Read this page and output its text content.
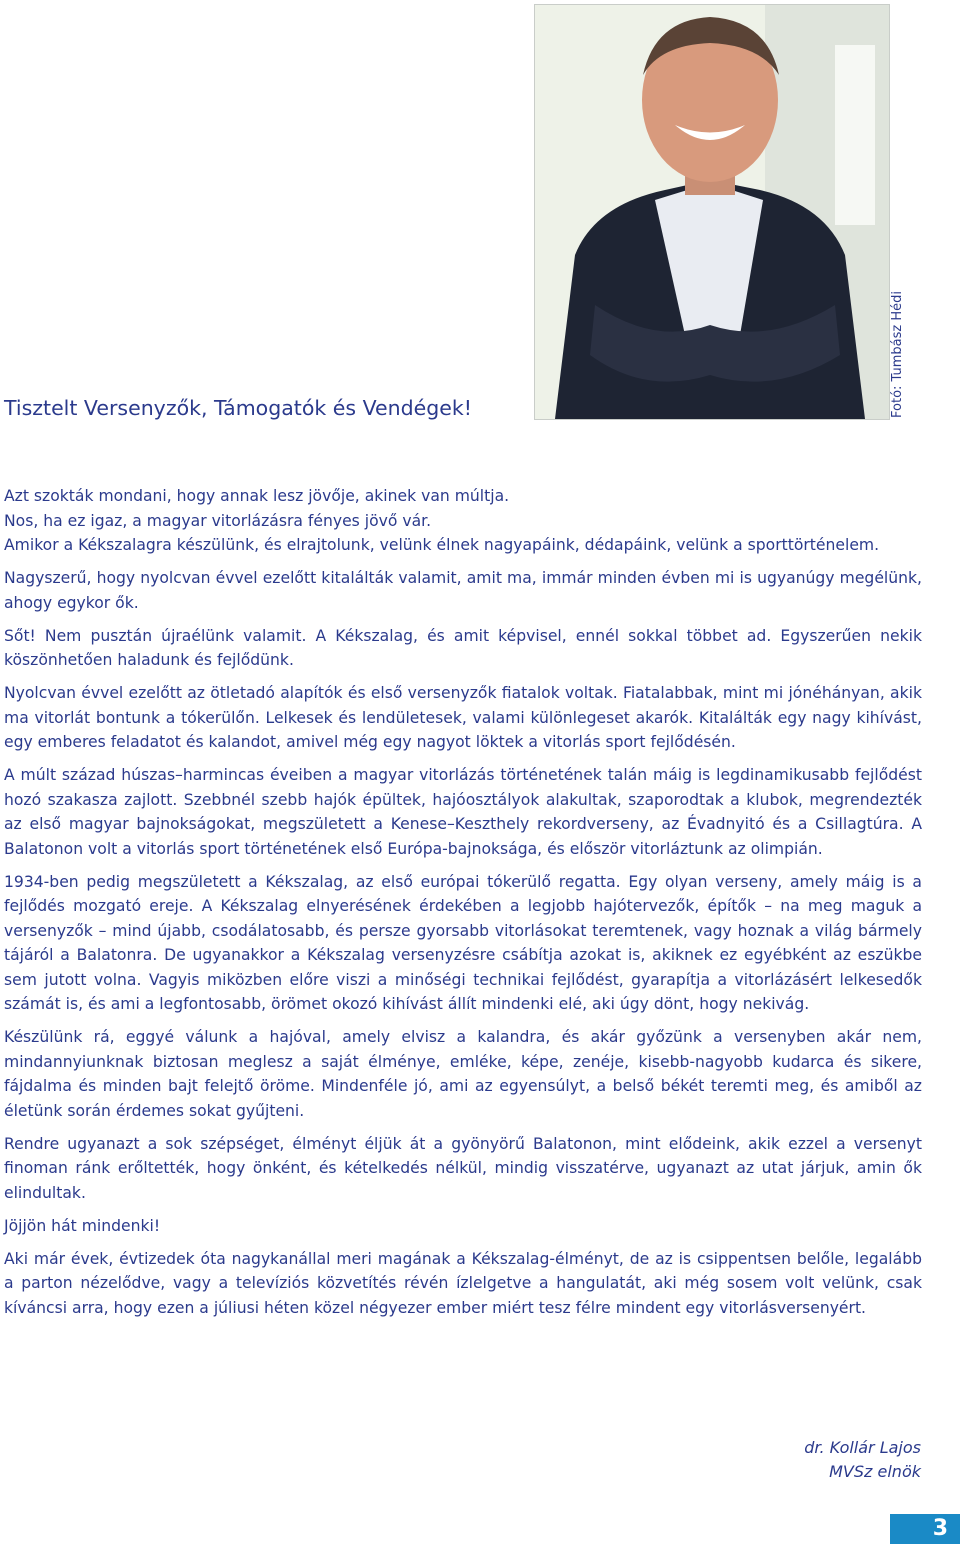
Fotó: Tumbász Hédi
Tisztelt Versenyzők, Támogatók és Vendégek!

Azt szokták mondani, hogy annak lesz jövője, akinek van múltja.

Nos, ha ez igaz, a magyar vitorlázásra fényes jövő vár.

Amikor a Kékszalagra készülünk, és elrajtolunk, velünk élnek nagyapáink, dédapáink, velünk a sporttörténelem.

Nagyszerű, hogy nyolcvan évvel ezelőtt kitalálták valamit, amit ma, immár minden évben mi is ugyanúgy megélünk, ahogy egykor ők.

Sőt! Nem pusztán újraélünk valamit. A Kékszalag, és amit képvisel, ennél sokkal többet ad. Egyszerűen nekik köszönhetően haladunk és fejlődünk.

Nyolcvan évvel ezelőtt az ötletadó alapítók és első versenyzők fiatalok voltak. Fiatalabbak, mint mi jónéhányan, akik ma vitorlát bontunk a tókerülőn. Lelkesek és lendületesek, valami különlegeset akarók. Kitalálták egy nagy kihívást, egy emberes feladatot és kalandot, amivel még egy nagyot löktek a vitorlás sport fejlődésén.

A múlt század húszas–harmincas éveiben a magyar vitorlázás történetének talán máig is legdinamikusabb fejlődést hozó szakasza zajlott. Szebbnél szebb hajók épültek, hajóosztályok alakultak, szaporodtak a klubok, megrendezték az első magyar bajnokságokat, megszületett a Kenese–Keszthely rekordverseny, az Évadnyitó és a Csillagtúra. A Balatonon volt a vitorlás sport történetének első Európa-bajnoksága, és először vitorláztunk az olimpián.

1934-ben pedig megszületett a Kékszalag, az első európai tókerülő regatta. Egy olyan verseny, amely máig is a fejlődés mozgató ereje. A Kékszalag elnyerésének érdekében a legjobb hajótervezők, építők – na meg maguk a versenyzők – mind újabb, csodálatosabb, és persze gyorsabb vitorlásokat teremtenek, vagy hoznak a világ bármely tájáról a Balatonra. De ugyanakkor a Kékszalag versenyzésre csábítja azokat is, akiknek ez egyébként az eszükbe sem jutott volna. Vagyis miközben előre viszi a minőségi technikai fejlődést, gyarapítja a vitorlázásért lelkesedők számát is, és ami a legfontosabb, örömet okozó kihívást állít mindenki elé, aki úgy dönt, hogy nekivág.

Készülünk rá, eggyé válunk a hajóval, amely elvisz a kalandra, és akár győzünk a versenyben akár nem, mindannyiunknak biztosan meglesz a saját élménye, emléke, képe, zenéje, kisebb-nagyobb kudarca és sikere, fájdalma és minden bajt felejtő öröme. Mindenféle jó, ami az egyensúlyt, a belső békét teremti meg, és amiből az életünk során érdemes sokat gyűjteni.

Rendre ugyanazt a sok szépséget, élményt éljük át a gyönyörű Balatonon, mint elődeink, akik ezzel a versenyt finoman ránk erőltették, hogy önként, és kételkedés nélkül, mindig visszatérve, ugyanazt az utat járjuk, amin ők elindultak.

Jöjjön hát mindenki!

Aki már évek, évtizedek óta nagykanállal meri magának a Kékszalag-élményt, de az is csippentsen belőle, legalább a parton nézelődve, vagy a televíziós közvetítés révén ízlelgetve a hangulatát, aki még sosem volt velünk, csak kíváncsi arra, hogy ezen a júliusi héten közel négyezer ember miért tesz félre mindent egy vitorlásversenyért.

dr. Kollár Lajos
MVSz elnök
3
